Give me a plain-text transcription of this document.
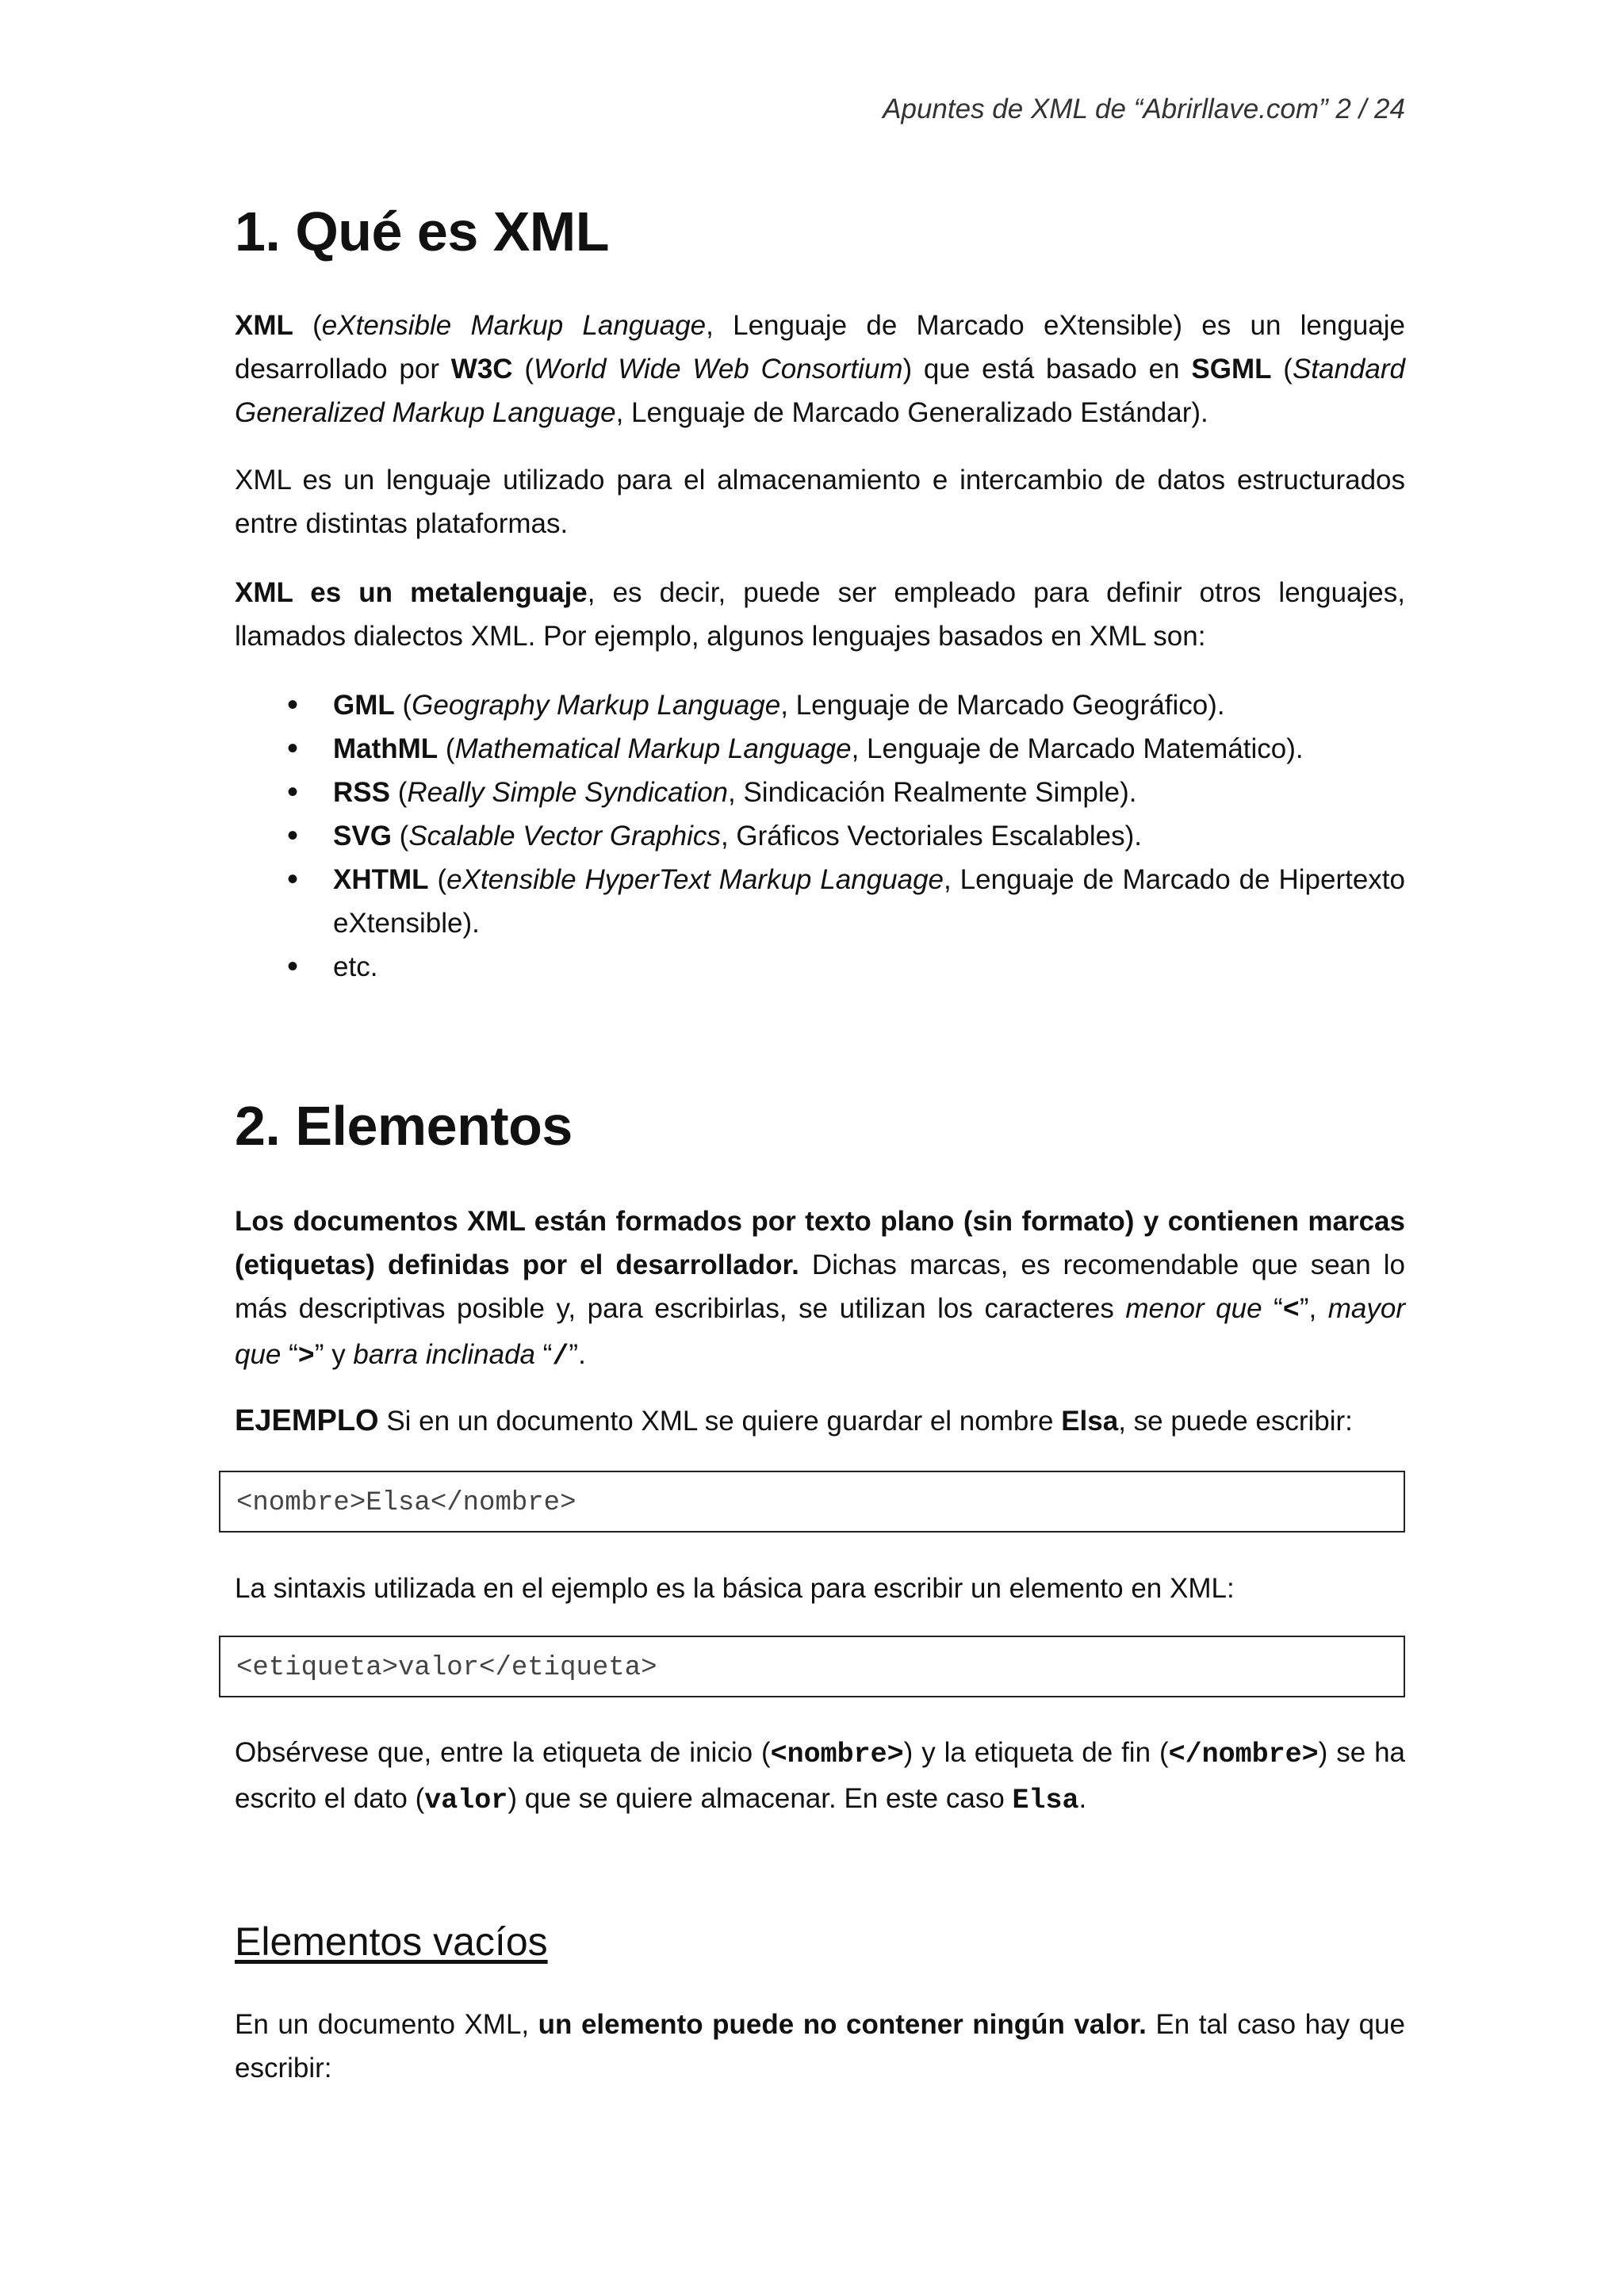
Apuntes de XML de “Abrirllave.com” 2 / 24
1. Qué es XML

XML (eXtensible Markup Language, Lenguaje de Marcado eXtensible) es un lenguaje desarrollado por W3C (World Wide Web Consortium) que está basado en SGML (Standard Generalized Markup Language, Lenguaje de Marcado Generalizado Estándar).

XML es un lenguaje utilizado para el almacenamiento e intercambio de datos estructurados entre distintas plataformas.

XML es un metalenguaje, es decir, puede ser empleado para definir otros lenguajes, llamados dialectos XML. Por ejemplo, algunos lenguajes basados en XML son:

• GML (Geography Markup Language, Lenguaje de Marcado Geográfico).
• MathML (Mathematical Markup Language, Lenguaje de Marcado Matemático).
• RSS (Really Simple Syndication, Sindicación Realmente Simple).
• SVG (Scalable Vector Graphics, Gráficos Vectoriales Escalables).
• XHTML (eXtensible HyperText Markup Language, Lenguaje de Marcado de Hipertexto eXtensible).
• etc.
2. Elementos

Los documentos XML están formados por texto plano (sin formato) y contienen marcas (etiquetas) definidas por el desarrollador. Dichas marcas, es recomendable que sean lo más descriptivas posible y, para escribirlas, se utilizan los caracteres menor que “<”, mayor que “>” y barra inclinada “/”.

EJEMPLO Si en un documento XML se quiere guardar el nombre Elsa, se puede escribir:

<nombre>Elsa</nombre>

La sintaxis utilizada en el ejemplo es la básica para escribir un elemento en XML:

<etiqueta>valor</etiqueta>

Obsérvese que, entre la etiqueta de inicio (<nombre>) y la etiqueta de fin (</nombre>) se ha escrito el dato (valor) que se quiere almacenar. En este caso Elsa.

Elementos vacíos

En un documento XML, un elemento puede no contener ningún valor. En tal caso hay que escribir:
